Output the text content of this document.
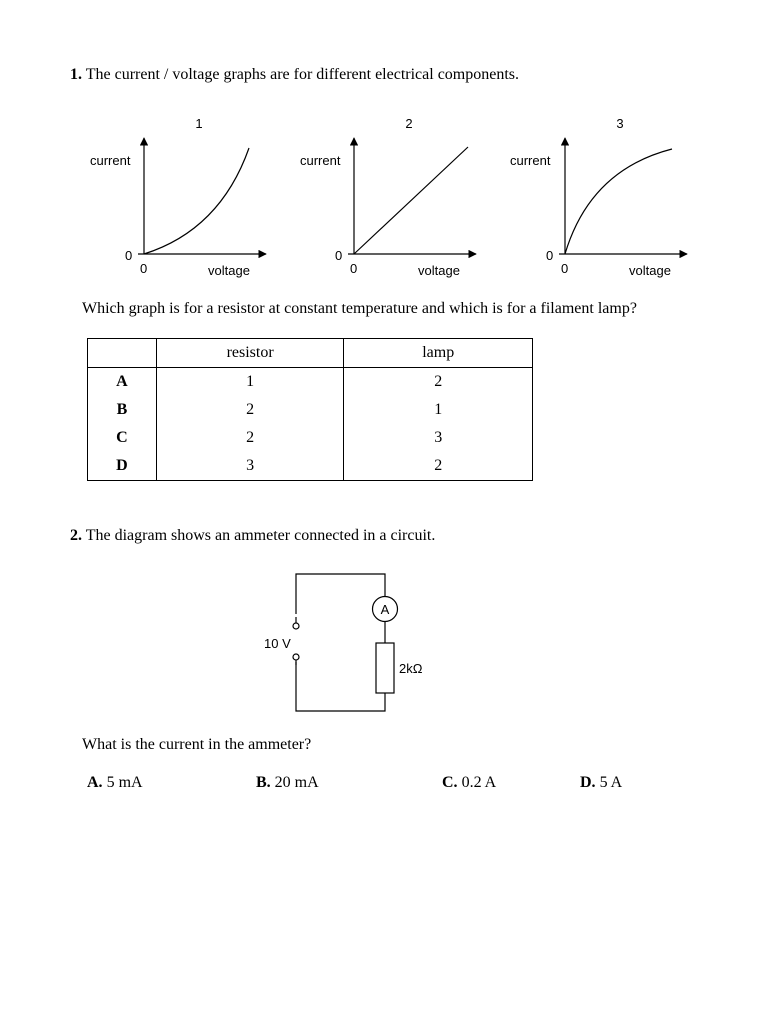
1. The current / voltage graphs are for different electrical components.
1
current
0
0	voltage
2
current
0
0	voltage
3
current
0
0	voltage
Which graph is for a resistor at constant temperature and which is for a filament lamp?
	resistor	lamp
A	1	2
B	2	1
C	2	3
D	3	2
2. The diagram shows an ammeter connected in a circuit.
10 V
A
2kΩ
What is the current in the ammeter?
A. 5 mA	B. 20 mA	C. 0.2 A	D. 5 A
